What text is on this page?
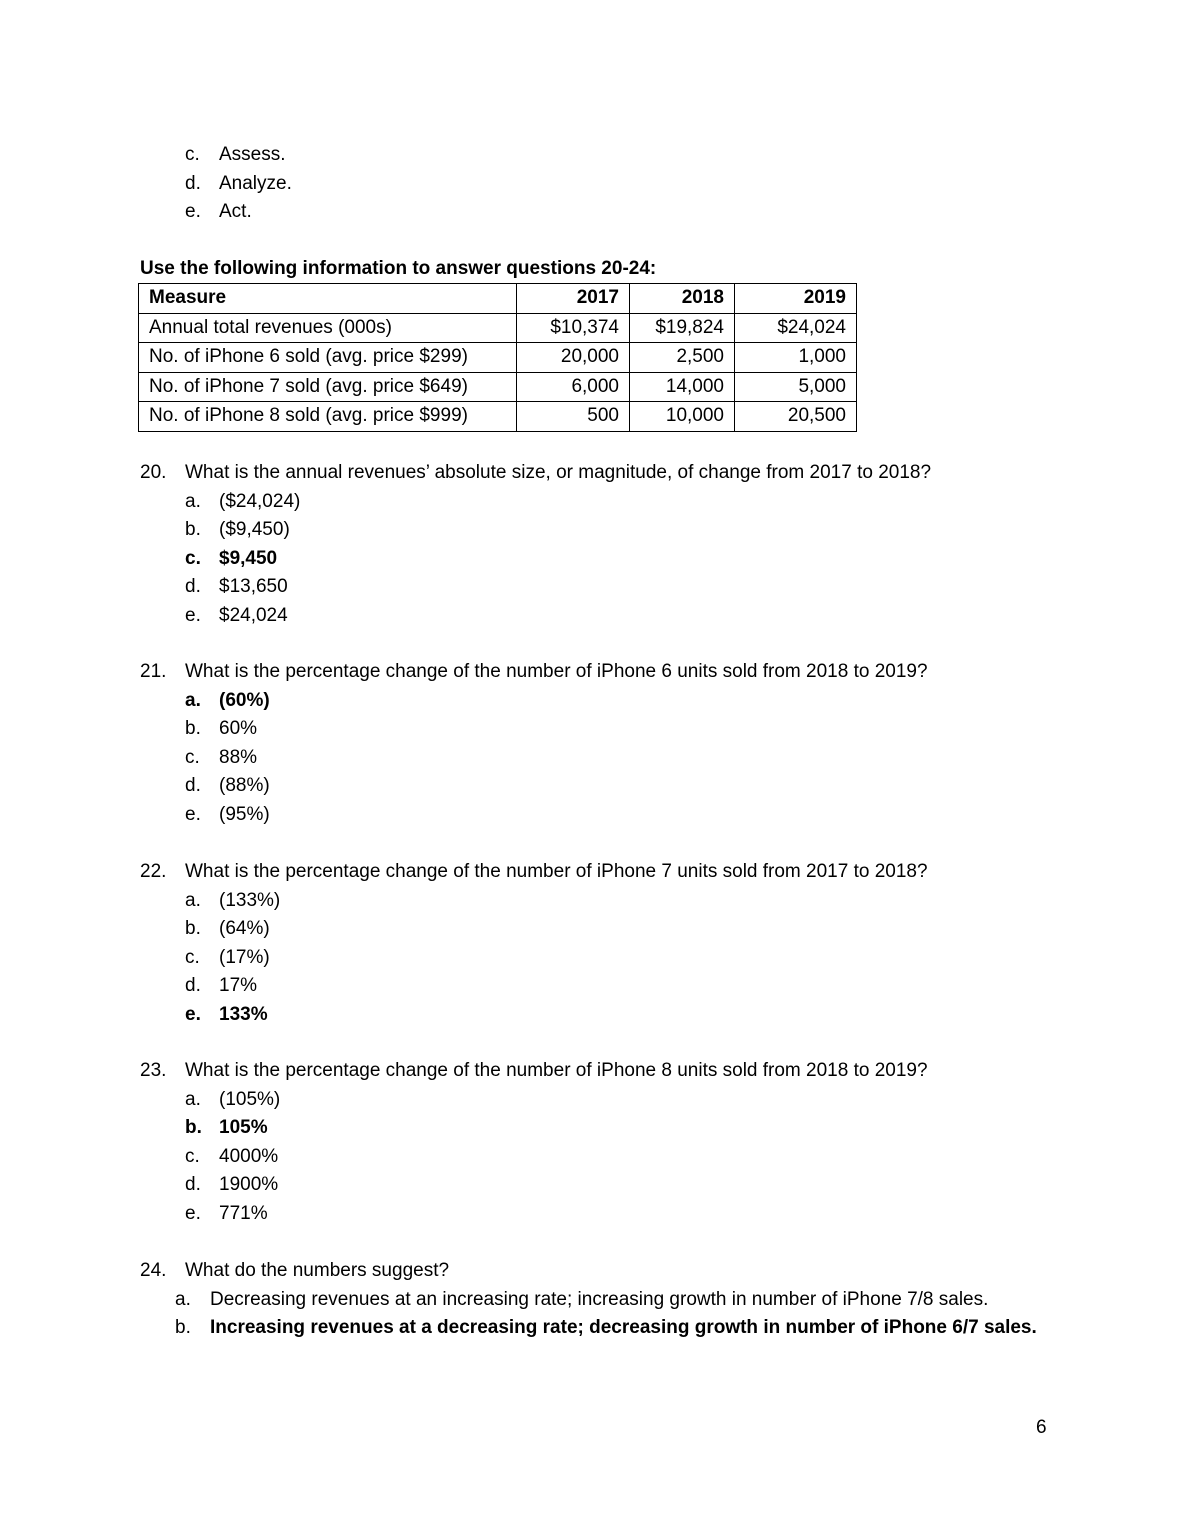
c. Assess.
d. Analyze.
e. Act.
Use the following information to answer questions 20-24:
Measure	2017	2018	2019
Annual total revenues (000s)	$10,374	$19,824	$24,024
No. of iPhone 6 sold (avg. price $299)	20,000	2,500	1,000
No. of iPhone 7 sold (avg. price $649)	6,000	14,000	5,000
No. of iPhone 8 sold (avg. price $999)	500	10,000	20,500
20. What is the annual revenues’ absolute size, or magnitude, of change from 2017 to 2018?
a. ($24,024)
b. ($9,450)
c. $9,450
d. $13,650
e. $24,024
21. What is the percentage change of the number of iPhone 6 units sold from 2018 to 2019?
a. (60%)
b. 60%
c. 88%
d. (88%)
e. (95%)
22. What is the percentage change of the number of iPhone 7 units sold from 2017 to 2018?
a. (133%)
b. (64%)
c. (17%)
d. 17%
e. 133%
23. What is the percentage change of the number of iPhone 8 units sold from 2018 to 2019?
a. (105%)
b. 105%
c. 4000%
d. 1900%
e. 771%
24. What do the numbers suggest?
a. Decreasing revenues at an increasing rate; increasing growth in number of iPhone 7/8 sales.
b. Increasing revenues at a decreasing rate; decreasing growth in number of iPhone 6/7 sales.
6
